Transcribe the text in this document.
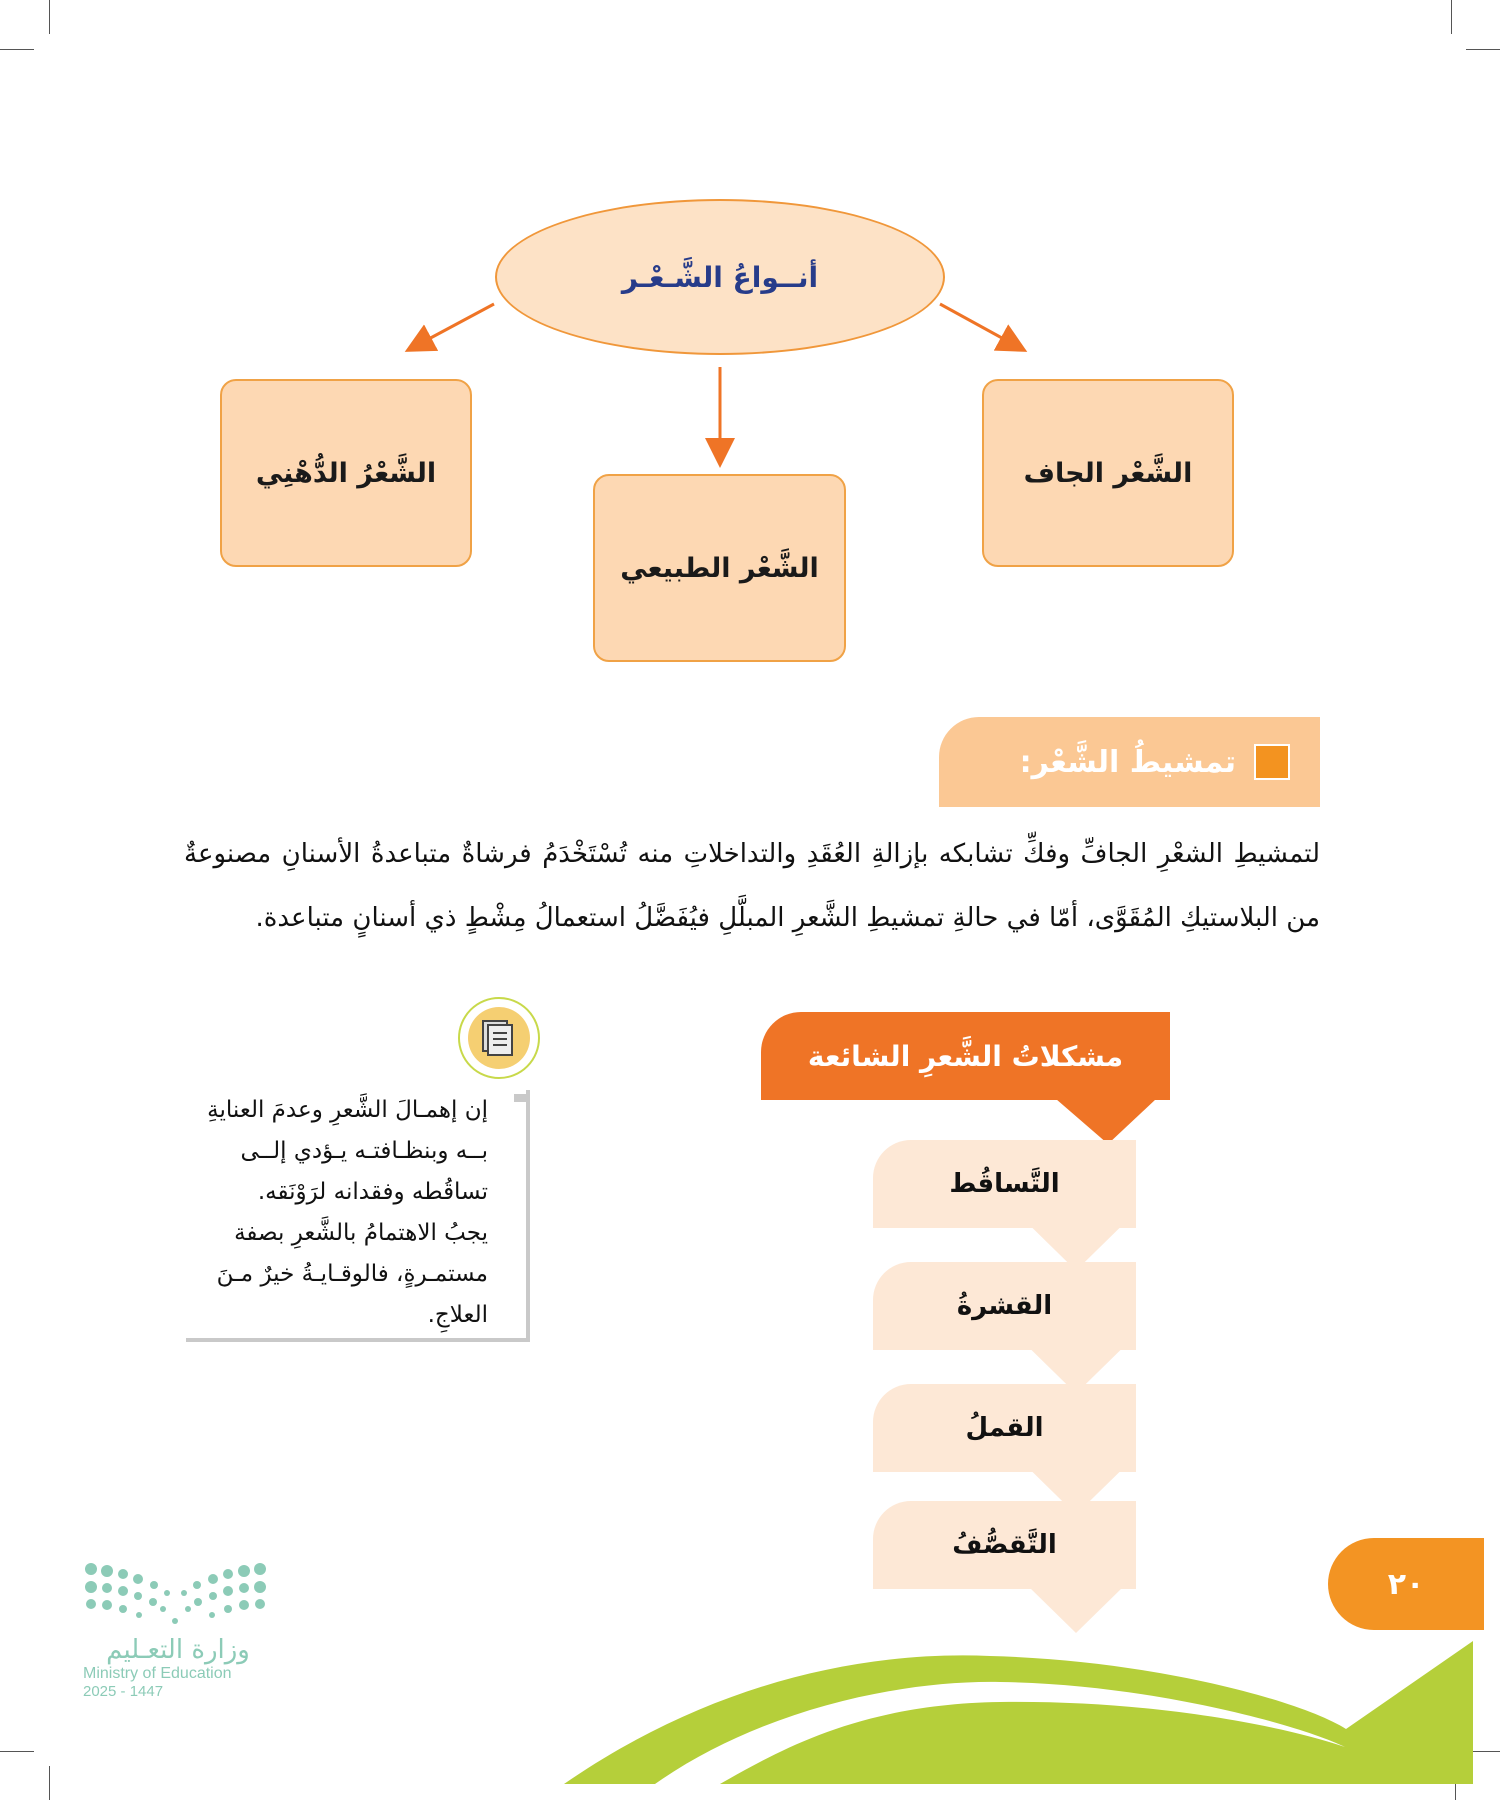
أنــواعُ الشَّـعْـر
الشَّعْرُ الدُّهْنِي
الشَّعْر الطبيعي
الشَّعْر الجاف
تمشيطُ الشَّعْر:

لتمشيطِ الشعْرِ الجافِّ وفكِّ تشابكه بإزالةِ العُقَدِ والتداخلاتِ منه تُسْتَخْدَمُ فرشاةٌ متباعدةُ الأسنانِ مصنوعةٌ من البلاستيكِ المُقَوَّى، أمّا في حالةِ تمشيطِ الشَّعرِ المبلَّلِ فيُفَضَّلُ استعمالُ مِشْطٍ ذي أسنانٍ متباعدة.

مشكلاتُ الشَّعرِ الشائعة
التَّساقُط
القشرةُ
القملُ
التَّقصُّفُ

إن إهمـالَ الشَّعرِ وعدمَ العنايةِ بــه وبنظـافتـه يـؤدي إلــى تساقُطه وفقدانه لرَوْنَقه.

يجبُ الاهتمامُ بالشَّعرِ بصفة مستمـرةٍ، فالوقـايـةُ خيرٌ مـنَ العلاجِ.

٢٠
وزارة التعـليم
Ministry of Education
2025 - 1447
